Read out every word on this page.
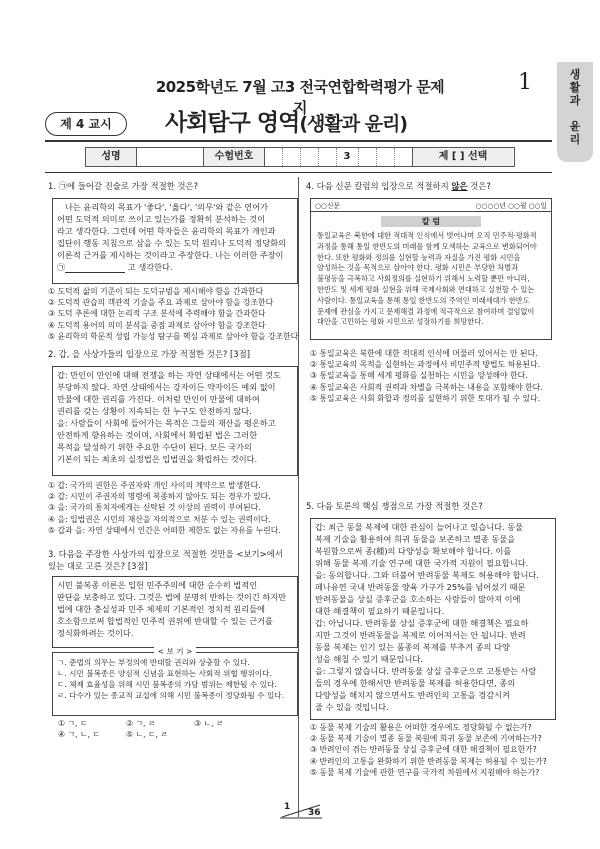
2025학년도 7월 고3 전국연합학력평가 문제지
1	생
활
과
윤
리
제 4 교시	사회탐구 영역(생활과 윤리)
성명	수험번호	3	제 [ ] 선택
1. ㉠에 들어갈 진술로 가장 적절한 것은?
나는 윤리학의 목표가 '좋다', '옳다', '의무'와 같은 연어가
어떤 도덕적 의미로 쓰이고 있는가를 정확히 분석하는 것이
라고 생각한다. 그런데 어떤 학자들은 윤리학의 목표가 개인과
집단이 행동 지침으로 삼을 수 있는 도덕 원리나 도덕적 정당화의
이론적 근거를 제시하는 것이라고 주장한다. 나는 이러한 주장이
㉠	고 생각한다.
① 도덕적 삶의 기준이 되는 도덕규범을 제시해야 함을 간과한다
② 도덕적 관습의 객관적 기술을 주요 과제로 삼아야 함을 강조한다
③ 도덕 추론에 대한 논리적 구조 분석에 주력해야 함을 간과한다
④ 도덕적 용어의 의미 분석을 중점 과제로 삼아야 함을 강조한다
⑤ 윤리학의 학문적 성립 가능성 탐구를 핵심 과제로 삼아야 함을 강조한다
2. 갑, 을 사상가들의 입장으로 가장 적절한 것은? [3점]
갑: 만인이 만인에 대해 전쟁을 하는 자연 상태에서는 어떤 것도
부당하지 않다. 자연 상태에서는 강자이든 약자이든 예외 없이
만물에 대한 권리를 가진다. 이처럼 만인이 만물에 대하여
권리를 갖는 상황이 지속되는 한 누구도 안전하지 않다.
을: 사람들이 사회에 들어가는 목적은 그들의 재산을 평온하고
안전하게 향유하는 것이며, 사회에서 확립된 법은 그러한
목적을 달성하기 위한 주요한 수단이 된다. 모든 국가의
기본이 되는 최초의 실정법은 입법권을 확립하는 것이다.
① 갑: 국가의 권한은 주권자와 개인 사이의 계약으로 발생한다.
② 갑: 시민이 주권자의 명령에 복종하지 않아도 되는 경우가 있다.
③ 을: 국가의 통치자에게는 신탁된 것 이상의 권력이 부여된다.
④ 을: 입법권은 시민의 재산을 자의적으로 처분 수 있는 권력이다.
⑤ 갑과 을: 자연 상태에서 인간은 어떠한 제한도 없는 자유를 누린다.
3. 다음을 주장한 사상가의 입장으로 적절한 것만을 <보기>에서
있는 대로 고른 것은? [3점]
시민 불복종 이론은 입헌 민주주의에 대한 순수히 법적인
판단을 보충하고 있다. 그것은 법에 분명히 반하는 것이긴 하지만
법에 대한 충실성과 민주 체제의 기본적인 정치적 원리들에
호소함으로써 합법적인 민주적 권위에 반대할 수 있는 근거를
정식화하려는 것이다.
< 보 기 >
ㄱ. 준법의 의무는 부정의에 반대할 권리와 상충할 수 있다.
ㄴ. 시민 불복종은 양심적 신념을 표현하는 사회적 위협 행위이다.
ㄷ. 체제 효율성을 위해 시민 불복종의 가담 범위는 제한될 수 있다.
ㄹ. 다수가 있는 종교적 교섭에 의해 시민 불복종이 정당화될 수 있다.
① ㄱ, ㄷ	② ㄱ, ㄹ	③ ㄴ, ㄹ
④ ㄱ, ㄴ, ㄷ	⑤ ㄴ, ㄷ, ㄹ
4. 다음 신문 칼럼의 입장으로 적절하지 않은 것은?
○○신문	○○○○년 ○○월 ○○일
칼 럼
통일교육은 북한에 대한 적대적 인식에서 벗어나며 오직 민주적·평화적
과정을 통해 통일 한반도의 미래를 함께 모색하는 교육으로 변화되어야
한다. 또한 평화와 정의를 실현할 능력과 자질을 가진 평화 시민을
양성하는 것을 목적으로 삼아야 한다. 평화 시민은 부당한 차별과
불평등을 극복하고 사회정의를 실현하기 위해서 노력할 뿐만 아니라,
한반도 및 세계 평화 실현을 위해 국제사회와 연대하고 실천할 수 있는
사람이다. 통일교육을 통해 통일 한반도의 주역인 미래세대가 한반도
문제에 관심을 가지고 문제해결 과정에 적극적으로 참여하며 결임없이
대안을 고민하는 평화 시민으로 성장하기를 희망한다.
① 통일교육은 북한에 대한 적대적 인식에 머물러 있어서는 안 된다.
② 통일교육의 목적을 실현하는 과정에서 비민주적 방법도 허용된다.
③ 통일교육을 통해 세계 평화를 실천하는 시민을 양성해야 한다.
④ 통일교육은 사회적 권력과 차별을 극복하는 내용을 포함해야 한다.
⑤ 통일교육은 사회 화합과 정의를 실현하기 위한 토대가 될 수 있다.
5. 다음 토론의 핵심 쟁점으로 가장 적절한 것은?
갑: 최근 동물 복제에 대한 관심이 늘어나고 있습니다. 동물
복제 기술을 활용하여 희귀 동물을 보존하고 멸종 동물을
복원함으로써 종(種)의 다양성을 확보해야 합니다. 이를
위해 동물 복제 기술 연구에 대한 국가적 지원이 필요합니다.
을: 동의합니다. 그와 더불어 반려동물 복제도 허용해야 합니다.
페나유연 국내 반려동물 양육 가구가 25%를 넘어섰기 때문
반려동물을 상실 증후군을 호소하는 사람들이 많아져 이에
대한 해결책이 필요하기 때문입니다.
갑: 아닙니다. 반려동물 상실 증후군에 대한 해결책은 필요하
지만 그것이 반려동물을 복제로 이어져서는 안 됩니다. 반려
동물 복제는 인기 있는 품종의 복제를 부추겨 종의 다양
성을 해칠 수 있기 때문입니다.
을: 그렇지 않습니다. 반려동물 상실 증후군으로 고통받는 사람
들의 경우에 한해서만 반려동물 복제를 허용한다면, 종의
다양성을 해치지 않으면서도 반려인의 고통을 경감시켜
줄 수 있을 것입니다.
① 동물 복제 기술의 활용은 어떠한 경우에도 정당화될 수 없는가?
② 동물 복제 기술이 멸종 동물 복원에 희귀 동물 보존에 기여하는가?
③ 반려인이 겪는 반려동물 상실 증후군에 대한 해결책이 필요한가?
④ 반려인의 고통을 완화하기 위한 반려동물 복제는 허용될 수 있는가?
⑤ 동물 복제 기술에 관한 연구를 국가적 차원에서 지원해야 하는가?
1
36
